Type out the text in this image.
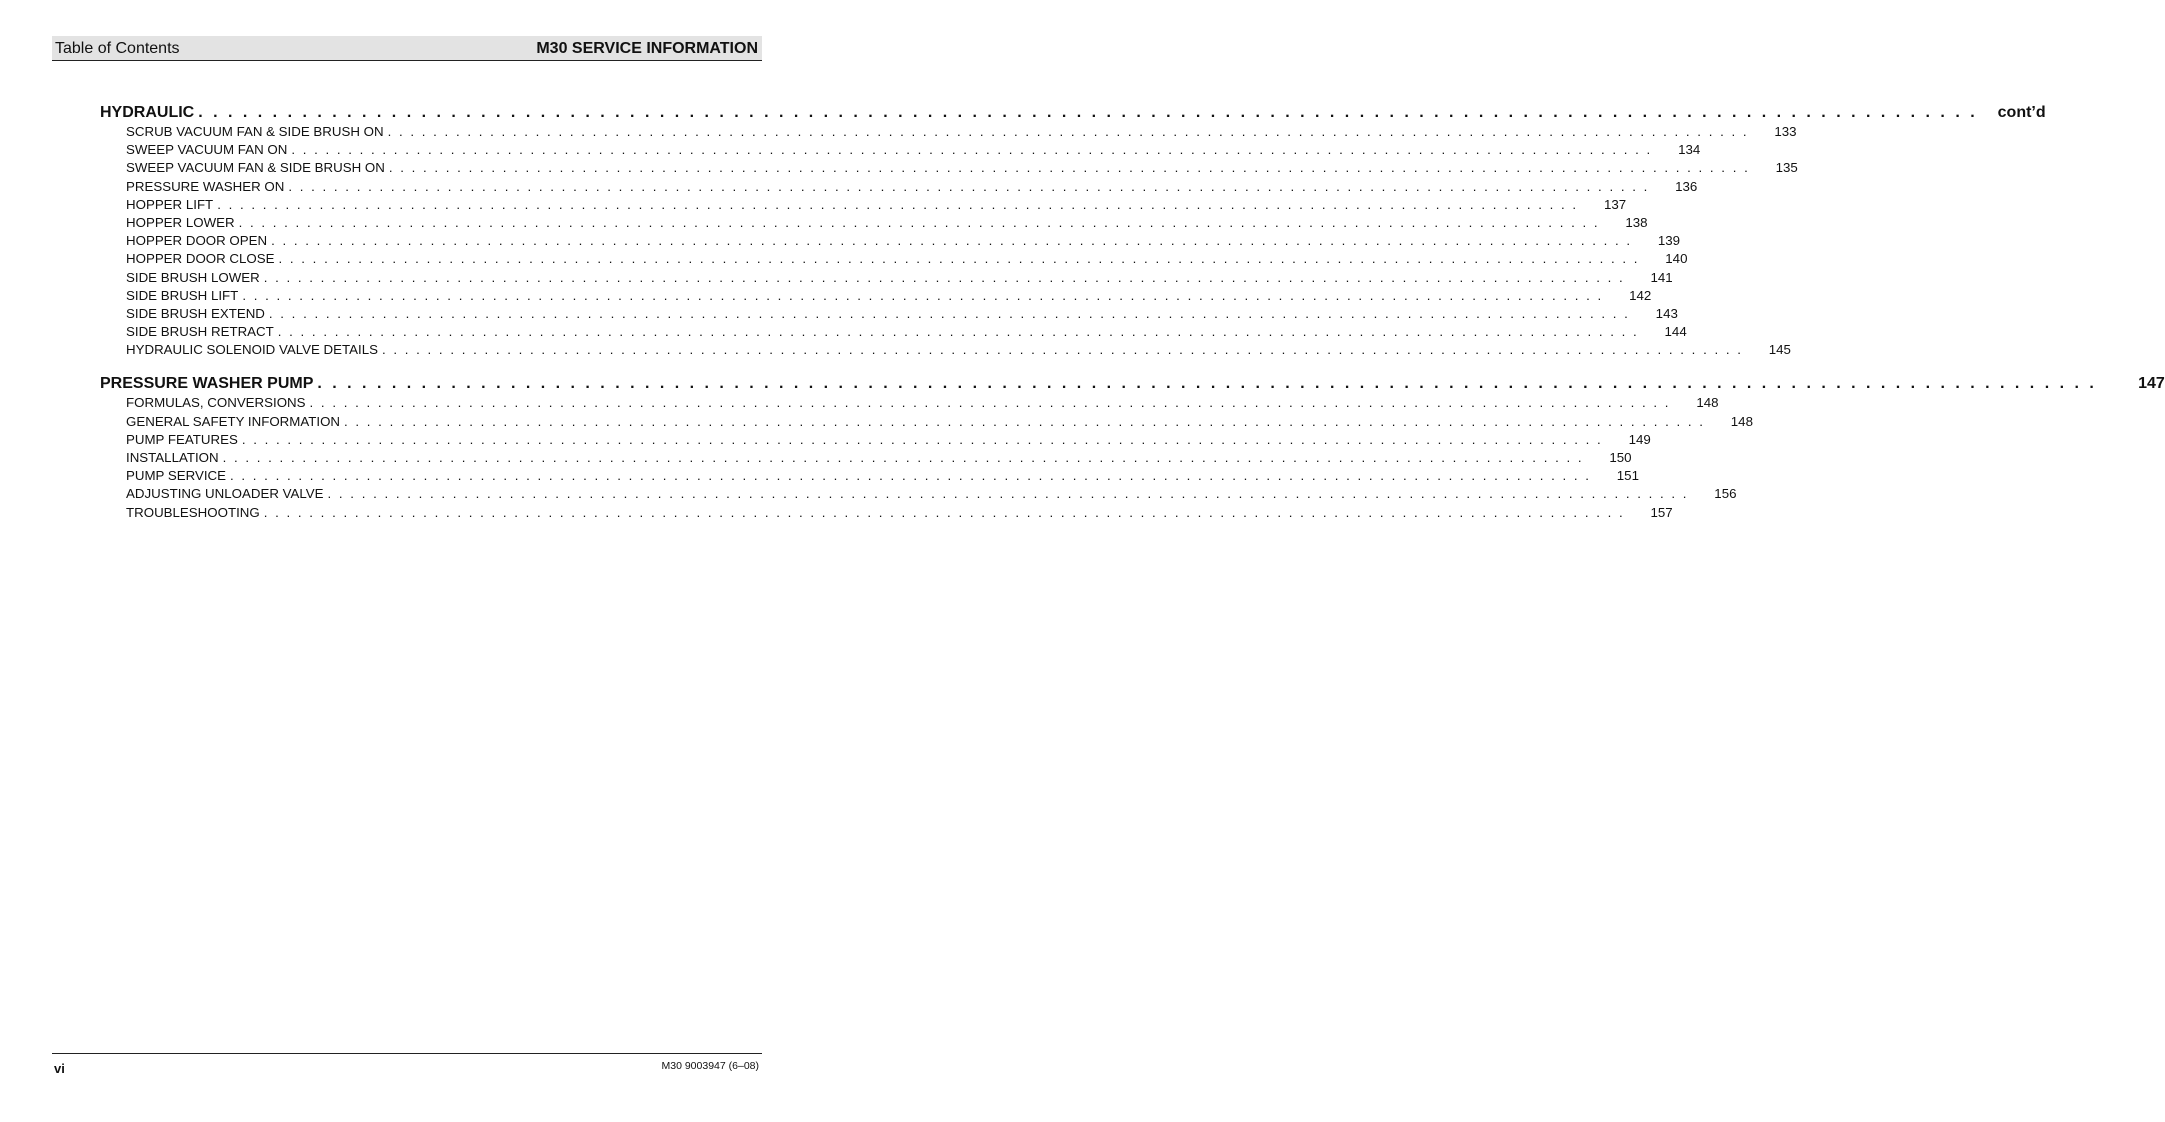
Table of Contents	M30 SERVICE INFORMATION
HYDRAULIC . . . . . . . . . . . . . . . . . . . . . . . . . . . . . . . . . . . . . . . . . . . . . . . . . . . . . . . . . . . . . . . . . . . . . . . . . . . . . . . . . . . . . . . . . . . . . . . . . . . . . . . . . . . . . . . . . . . . . . . .	cont’d
SCRUB VACUUM FAN & SIDE BRUSH ON . . . . . . . . . . . . . . . . . . . . . . . . . . . . . . . . . . . . . . . . . . . . . . . . . . . . . . . . . . . . . . . . . . . . . . . . . . . . . . . . . . . . . . . . . . . . . . . . . . . . . . . . . . . . . . . . . . . . . . . .	133
SWEEP VACUUM FAN ON . . . . . . . . . . . . . . . . . . . . . . . . . . . . . . . . . . . . . . . . . . . . . . . . . . . . . . . . . . . . . . . . . . . . . . . . . . . . . . . . . . . . . . . . . . . . . . . . . . . . . . . . . . . . . . . . . . . . . . . .	134
SWEEP VACUUM FAN & SIDE BRUSH ON . . . . . . . . . . . . . . . . . . . . . . . . . . . . . . . . . . . . . . . . . . . . . . . . . . . . . . . . . . . . . . . . . . . . . . . . . . . . . . . . . . . . . . . . . . . . . . . . . . . . . . . . . . . . . . . . . . . . . . . .	135
PRESSURE WASHER ON . . . . . . . . . . . . . . . . . . . . . . . . . . . . . . . . . . . . . . . . . . . . . . . . . . . . . . . . . . . . . . . . . . . . . . . . . . . . . . . . . . . . . . . . . . . . . . . . . . . . . . . . . . . . . . . . . . . . . . . .	136
HOPPER LIFT . . . . . . . . . . . . . . . . . . . . . . . . . . . . . . . . . . . . . . . . . . . . . . . . . . . . . . . . . . . . . . . . . . . . . . . . . . . . . . . . . . . . . . . . . . . . . . . . . . . . . . . . . . . . . . . . . . . . . . . .	137
HOPPER LOWER . . . . . . . . . . . . . . . . . . . . . . . . . . . . . . . . . . . . . . . . . . . . . . . . . . . . . . . . . . . . . . . . . . . . . . . . . . . . . . . . . . . . . . . . . . . . . . . . . . . . . . . . . . . . . . . . . . . . . . . .	138
HOPPER DOOR OPEN . . . . . . . . . . . . . . . . . . . . . . . . . . . . . . . . . . . . . . . . . . . . . . . . . . . . . . . . . . . . . . . . . . . . . . . . . . . . . . . . . . . . . . . . . . . . . . . . . . . . . . . . . . . . . . . . . . . . . . . .	139
HOPPER DOOR CLOSE . . . . . . . . . . . . . . . . . . . . . . . . . . . . . . . . . . . . . . . . . . . . . . . . . . . . . . . . . . . . . . . . . . . . . . . . . . . . . . . . . . . . . . . . . . . . . . . . . . . . . . . . . . . . . . . . . . . . . . . .	140
SIDE BRUSH LOWER . . . . . . . . . . . . . . . . . . . . . . . . . . . . . . . . . . . . . . . . . . . . . . . . . . . . . . . . . . . . . . . . . . . . . . . . . . . . . . . . . . . . . . . . . . . . . . . . . . . . . . . . . . . . . . . . . . . . . . . .	141
SIDE BRUSH LIFT . . . . . . . . . . . . . . . . . . . . . . . . . . . . . . . . . . . . . . . . . . . . . . . . . . . . . . . . . . . . . . . . . . . . . . . . . . . . . . . . . . . . . . . . . . . . . . . . . . . . . . . . . . . . . . . . . . . . . . . .	142
SIDE BRUSH EXTEND . . . . . . . . . . . . . . . . . . . . . . . . . . . . . . . . . . . . . . . . . . . . . . . . . . . . . . . . . . . . . . . . . . . . . . . . . . . . . . . . . . . . . . . . . . . . . . . . . . . . . . . . . . . . . . . . . . . . . . . .	143
SIDE BRUSH RETRACT . . . . . . . . . . . . . . . . . . . . . . . . . . . . . . . . . . . . . . . . . . . . . . . . . . . . . . . . . . . . . . . . . . . . . . . . . . . . . . . . . . . . . . . . . . . . . . . . . . . . . . . . . . . . . . . . . . . . . . . .	144
HYDRAULIC SOLENOID VALVE DETAILS . . . . . . . . . . . . . . . . . . . . . . . . . . . . . . . . . . . . . . . . . . . . . . . . . . . . . . . . . . . . . . . . . . . . . . . . . . . . . . . . . . . . . . . . . . . . . . . . . . . . . . . . . . . . . . . . . . . . . . . .	145
PRESSURE WASHER PUMP . . . . . . . . . . . . . . . . . . . . . . . . . . . . . . . . . . . . . . . . . . . . . . . . . . . . . . . . . . . . . . . . . . . . . . . . . . . . . . . . . . . . . . . . . . . . . . . . . . . . . . . . . . . . . . . . . . . . . . . .	147
FORMULAS, CONVERSIONS . . . . . . . . . . . . . . . . . . . . . . . . . . . . . . . . . . . . . . . . . . . . . . . . . . . . . . . . . . . . . . . . . . . . . . . . . . . . . . . . . . . . . . . . . . . . . . . . . . . . . . . . . . . . . . . . . . . . . . . .	148
GENERAL SAFETY INFORMATION . . . . . . . . . . . . . . . . . . . . . . . . . . . . . . . . . . . . . . . . . . . . . . . . . . . . . . . . . . . . . . . . . . . . . . . . . . . . . . . . . . . . . . . . . . . . . . . . . . . . . . . . . . . . . . . . . . . . . . . .	148
PUMP FEATURES . . . . . . . . . . . . . . . . . . . . . . . . . . . . . . . . . . . . . . . . . . . . . . . . . . . . . . . . . . . . . . . . . . . . . . . . . . . . . . . . . . . . . . . . . . . . . . . . . . . . . . . . . . . . . . . . . . . . . . . .	149
INSTALLATION . . . . . . . . . . . . . . . . . . . . . . . . . . . . . . . . . . . . . . . . . . . . . . . . . . . . . . . . . . . . . . . . . . . . . . . . . . . . . . . . . . . . . . . . . . . . . . . . . . . . . . . . . . . . . . . . . . . . . . . .	150
PUMP SERVICE . . . . . . . . . . . . . . . . . . . . . . . . . . . . . . . . . . . . . . . . . . . . . . . . . . . . . . . . . . . . . . . . . . . . . . . . . . . . . . . . . . . . . . . . . . . . . . . . . . . . . . . . . . . . . . . . . . . . . . . .	151
ADJUSTING UNLOADER VALVE . . . . . . . . . . . . . . . . . . . . . . . . . . . . . . . . . . . . . . . . . . . . . . . . . . . . . . . . . . . . . . . . . . . . . . . . . . . . . . . . . . . . . . . . . . . . . . . . . . . . . . . . . . . . . . . . . . . . . . . .	156
TROUBLESHOOTING . . . . . . . . . . . . . . . . . . . . . . . . . . . . . . . . . . . . . . . . . . . . . . . . . . . . . . . . . . . . . . . . . . . . . . . . . . . . . . . . . . . . . . . . . . . . . . . . . . . . . . . . . . . . . . . . . . . . . . . .	157
vi	M30 9003947 (6–08)
